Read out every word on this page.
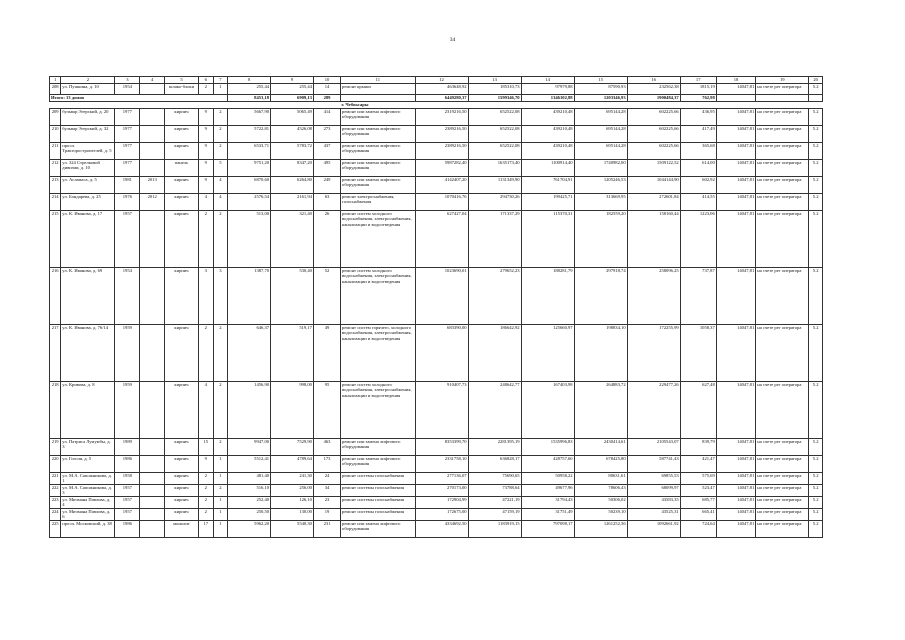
34
1	2	3	4	5	6	7	8	9	10	11	12	13	14	15	16	17	18	19	20
208	ул. Пушкина, д. 10	1954		шлако-блоки	2	1	255,44	255,44	14	ремонт крыши	463648,92	185310,73	97979,88	87590,93	232562,38	1815,19	14047,81	на счете рег оператора	5.2
Итого: 13 домов							8453,18	6909,13	289		6449280,37	1599346,70	1346102,88	1203346,93	1900484,37	762,98			
										г. Чебоксары									
209	бульвар Эгерский, д. 20	1977		кирпич	9	2	5667,90	5065,49	414	ремонт или замена лифтового оборудования	2319216,50	652522,08	439210,48	695144,28	602225,66	436,95	14047,81	на счете рег оператора	5.2
210	бульвар Эгерский, д. 32	1977		кирпич	9	2	5722,81	4526,08	273	ремонт или замена лифтового оборудования	2389216,50	652522,08	439210,48	695144,28	602225,66	417,49	14047,81	на счете рег оператора	5.2
211	просп. Тракторостроителей, д. 5	1977		кирпич	9	2	6533,71	5783,72	437	ремонт или замена лифтового оборудования	2389216,50	652522,08	439210,48	695144,28	602225,66	365,68	14047,81	на счете рег оператора	5.2
212	ул. 324 Стрелковой дивизии, д. 10	1977		панель	9	5	9751,20	8347,20	495	ремонт или замена лифтового оборудования	5987282,40	1635173,40	1100914,40	1740982,00	1509122,52	614,00	14047,81	на счете рег оператора	5.2
213	ул. Асламаса, д. 5	1981	2013	кирпич	9	4	6870,60	6264,80	249	ремонт или замена лифтового оборудования	4142407,20	1131349,90	761704,91	1205246,53	1044144,90	602,92	14047,81	на счете рег оператора	5.2
214	ул. Бондарева, д. 25	1976	2012	кирпич	4	4	2576,54	2161,94	63	ремонт электроснабжения, газоснабжения	1070416,76	294730,26	199425,71	313669,95	272601,84	414,55	14047,81	на счете рег оператора	5.2
215	ул. К. Иванова, д. 17	1957		кирпич	2	2	513,00	321,40	26	ремонт систем холодного водоснабжения, электроснабжения, канализации и водоотведения	627427,04	171337,29	115370,31	182559,20	158160,44	1223,06	14047,81	на счете рег оператора	5.2
216	ул. К. Иванова, д. 69	1954		кирпич	3	3	1387,70	530,40	52	ремонт систем холодного водоснабжения, электроснабжения, канализации и водоотведения	1023690,01	279652,23	188281,79	297918,74	258096,25	737,87	14047,81	на счете рег оператора	5.2
217	ул. К. Иванова, д. 76/14	1959		кирпич	2	2	646,37	519,17	49	ремонт систем горячего, холодного водоснабжения, электроснабжения, канализации и водоотведения	683390,00	186642,92	125660,97	198834,10	172255,99	1058,37	14047,81	на счете рег оператора	5.2
218	ул. Кривова, д. 8	1959		кирпич	4	2	1456,90	998,00	95	ремонт систем холодного водоснабжения, электроснабжения, канализации и водоотведения	910407,73	248642,77	167403,98	264883,72	229477,26	627,48	14047,81	на счете рег оператора	5.2
219	ул. Патриса Лумумбы, д. 3	1989		кирпич	15	2	9947,00	7529,90	463	ремонт или замена лифтового оборудования	8353399,70	2281395,19	1535996,83	2430414,61	2105543,07	839,79	14047,81	на счете рег оператора	5.2
220	ул. Гоголя, д. 5	1986		кирпич	9	1	5512,41	4789,64	173	ремонт или замена лифтового оборудования	2331758,10	636828,17	428757,60	678425,80	587741,43	421,47	14047,81	на счете рег оператора	5.2
221	ул. М.А. Сапожникова, д. 1	1958		кирпич	2	1	481,40	241,30	24	ремонт системы газоснабжения	277136,07	75690,65	50958,22	80631,61	69855,53	575,69	14047,81	на счете рег оператора	5.2
222	ул. М.А. Сапожникова, д. 3	1957		кирпич	2	2	516,10	256,00	34	ремонт системы газоснабжения	270173,00	73788,64	49677,96	78606,43	68099,97	523,47	14047,81	на счете рег оператора	5.2
223	ул. Мичмана Павлова, д. 4	1957		кирпич	2	1	252,40	126,10	23	ремонт системы газоснабжения	172904,99	47221,19	31794,43	50306,02	43583,35	685,77	14047,81	на счете рег оператора	5.2
224	ул. Мичмана Павлова, д. 6	1957		кирпич	2	1	250,50	130,00	19	ремонт системы газоснабжения	172675,00	47159,19	31751,49	50239,10	43525,31	665,41	14047,81	на счете рег оператора	5.2
225	просп. Московский, д. 38	1986		монолит	17	1	5962,20	5540,30	231	ремонт или замена лифтового оборудования	4334692,50	1183919,15	797098,17	1261252,36	1092661,92	724,64	14047,81	на счете рег оператора	5.2
